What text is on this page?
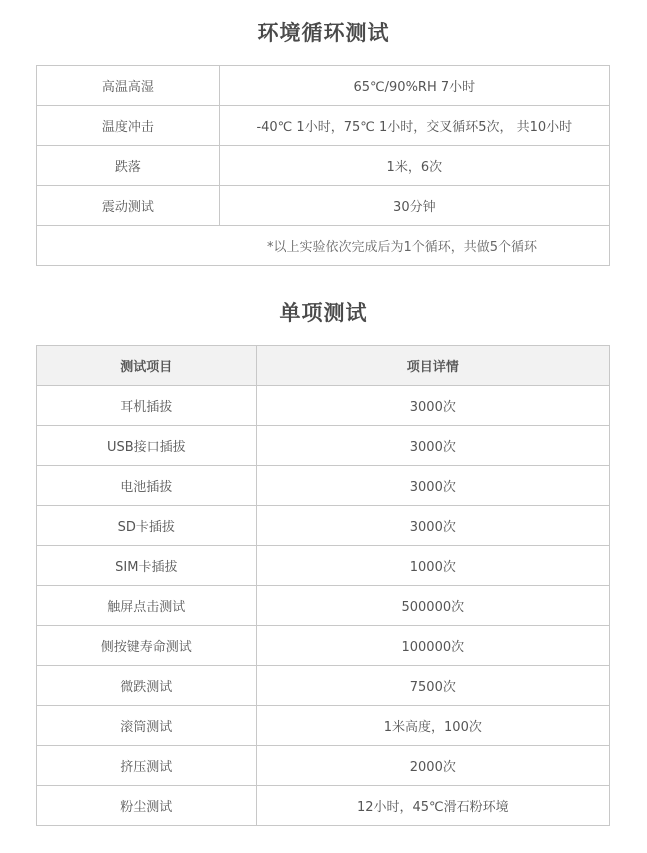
环境循环测试
高温高湿	65℃/90%RH 7小时
温度冲击	-40℃ 1小时，75℃ 1小时，交叉循环5次， 共10小时
跌落	1米，6次
震动测试	30分钟
*以上实验依次完成后为1个循环，共做5个循环	
单项测试
测试项目	项目详情
耳机插拔	3000次
USB接口插拔	3000次
电池插拔	3000次
SD卡插拔	3000次
SIM卡插拔	1000次
触屏点击测试	500000次
侧按键寿命测试	100000次
微跌测试	7500次
滚筒测试	1米高度，100次
挤压测试	2000次
粉尘测试	12小时，45℃滑石粉环境
